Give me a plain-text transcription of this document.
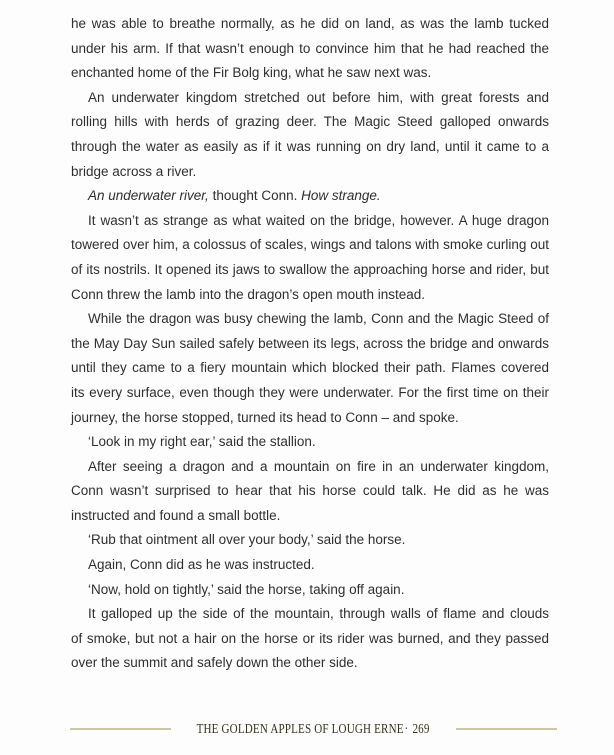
he was able to breathe normally, as he did on land, as was the lamb tucked
under his arm. If that wasn’t enough to convince him that he had reached the
enchanted home of the Fir Bolg king, what he saw next was.
An underwater kingdom stretched out before him, with great forests and
rolling hills with herds of grazing deer. The Magic Steed galloped onwards
through the water as easily as if it was running on dry land, until it came to a
bridge across a river.
An underwater river, thought Conn. How strange.
It wasn’t as strange as what waited on the bridge, however. A huge dragon
towered over him, a colossus of scales, wings and talons with smoke curling out
of its nostrils. It opened its jaws to swallow the approaching horse and rider, but
Conn threw the lamb into the dragon’s open mouth instead.
While the dragon was busy chewing the lamb, Conn and the Magic Steed of
the May Day Sun sailed safely between its legs, across the bridge and onwards
until they came to a fiery mountain which blocked their path. Flames covered
its every surface, even though they were underwater. For the first time on their
journey, the horse stopped, turned its head to Conn – and spoke.
‘Look in my right ear,’ said the stallion.
After seeing a dragon and a mountain on fire in an underwater kingdom,
Conn wasn’t surprised to hear that his horse could talk. He did as he was
instructed and found a small bottle.
‘Rub that ointment all over your body,’ said the horse.
Again, Conn did as he was instructed.
‘Now, hold on tightly,’ said the horse, taking off again.
It galloped up the side of the mountain, through walls of flame and clouds
of smoke, but not a hair on the horse or its rider was burned, and they passed
over the summit and safely down the other side.
THE GOLDEN APPLES OF LOUGH ERNE· 269
